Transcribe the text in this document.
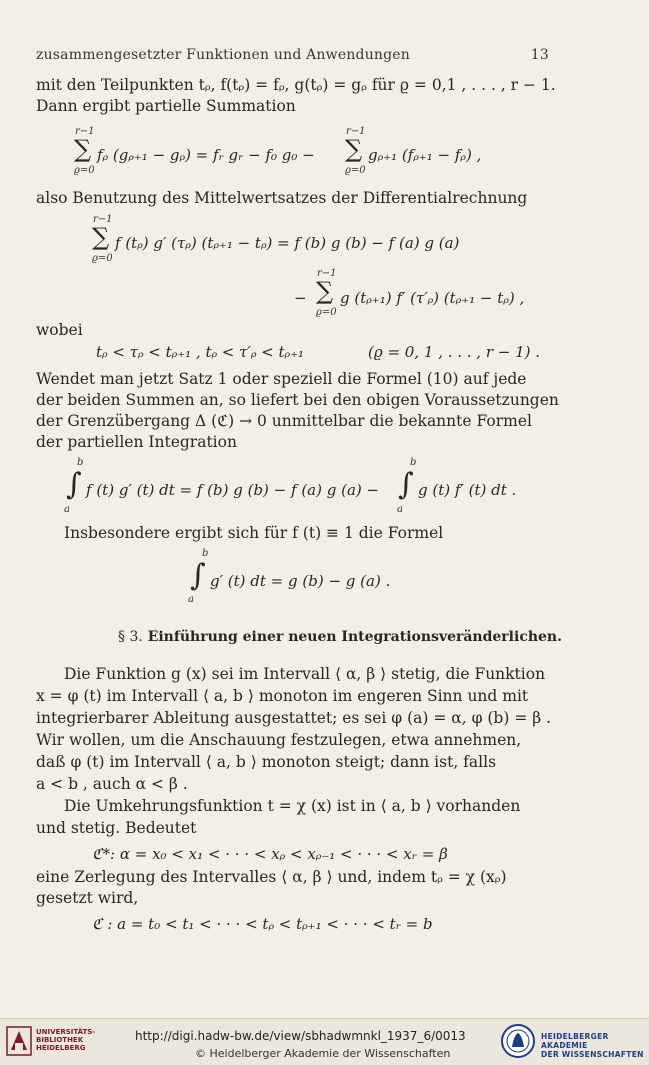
zusammengesetzter Funktionen und Anwendungen	13
mit den Teilpunkten tᵨ, f(tᵨ) = fᵨ, g(tᵨ) = gᵨ für ϱ = 0,1 , . . . , r − 1.
Dann ergibt partielle Summation
r−1
∑
ϱ=0
fᵨ (gᵨ₊₁ − gᵨ) = fᵣ gᵣ − f₀ g₀ −
r−1
∑
ϱ=0
gᵨ₊₁ (fᵨ₊₁ − fᵨ) ,
also Benutzung des Mittelwertsatzes der Differentialrechnung
r−1
∑
ϱ=0
f (tᵨ) g′ (τᵨ) (tᵨ₊₁ − tᵨ) = f (b) g (b) − f (a) g (a)
−
r−1
∑
ϱ=0
g (tᵨ₊₁) f′ (τ′ᵨ) (tᵨ₊₁ − tᵨ) ,
wobei
tᵨ < τᵨ < tᵨ₊₁ , tᵨ < τ′ᵨ < tᵨ₊₁	(ϱ = 0, 1 , . . . , r − 1) .
Wendet man jetzt Satz 1 oder speziell die Formel (10) auf jede
der beiden Summen an, so liefert bei den obigen Voraussetzungen
der Grenzübergang Δ (ℭ) → 0 unmittelbar die bekannte Formel
der partiellen Integration
b
∫
a
f (t) g′ (t) dt = f (b) g (b) − f (a) g (a) −
b
∫
a
g (t) f′ (t) dt .
Insbesondere ergibt sich für f (t) ≡ 1 die Formel
b
∫
a
g′ (t) dt = g (b) − g (a) .
§ 3. Einführung einer neuen Integrationsveränderlichen.
Die Funktion g (x) sei im Intervall ⟨ α, β ⟩ stetig, die Funktion
x = φ (t) im Intervall ⟨ a, b ⟩ monoton im engeren Sinn und mit
integrierbarer Ableitung ausgestattet; es sei φ (a) = α, φ (b) = β .
Wir wollen, um die Anschauung festzulegen, etwa annehmen,
daß φ (t) im Intervall ⟨ a, b ⟩ monoton steigt; dann ist, falls
a < b , auch α < β .
Die Umkehrungsfunktion t = χ (x) ist in ⟨ a, b ⟩ vorhanden
und stetig. Bedeutet
ℭ*: α = x₀ < x₁ < · · · < xᵨ < xᵨ₋₁ < · · · < xᵣ = β
eine Zerlegung des Intervalles ⟨ α, β ⟩ und, indem tᵨ = χ (xᵨ)
gesetzt wird,
ℭ : a = t₀ < t₁ < · · · < tᵨ < tᵨ₊₁ < · · · < tᵣ = b
UNIVERSITÄTS-
BIBLIOTHEK
HEIDELBERG
http://digi.hadw-bw.de/view/sbhadwmnkl_1937_6/0013
© Heidelberger Akademie der Wissenschaften
HEIDELBERGER AKADEMIE
DER WISSENSCHAFTEN
